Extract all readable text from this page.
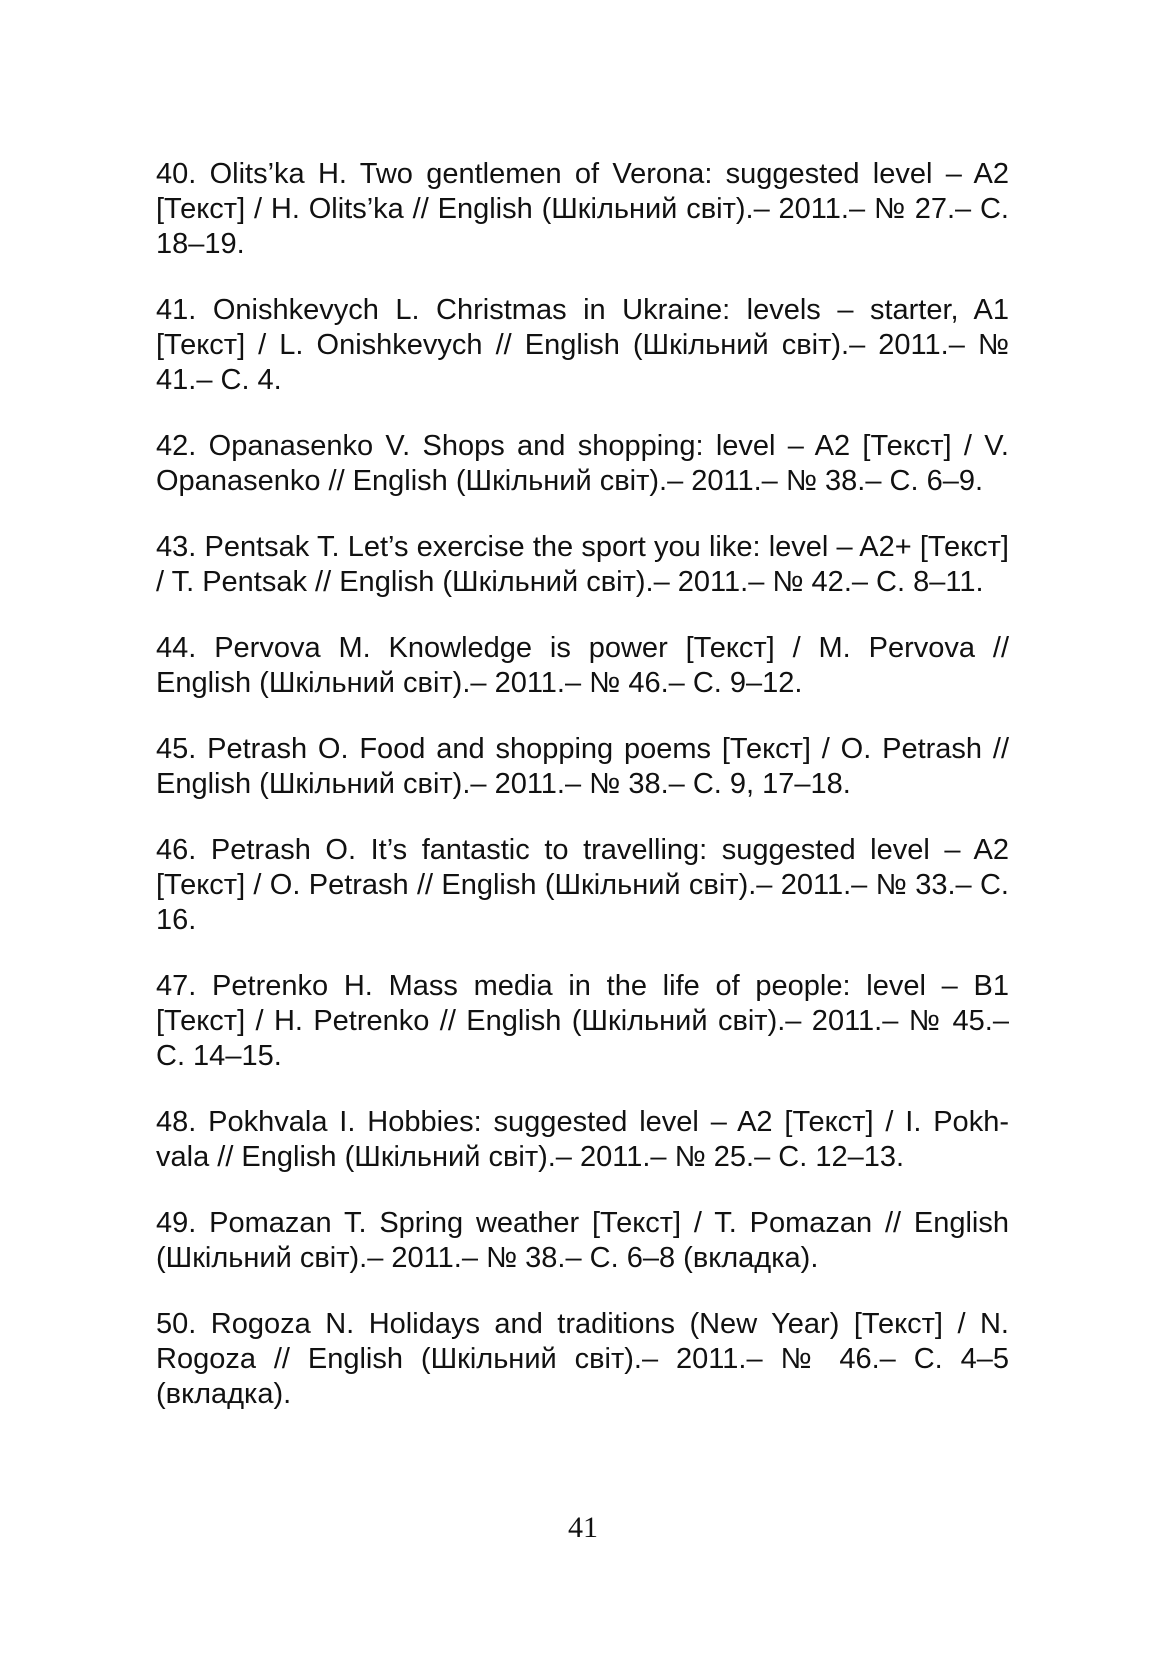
40. Olits’ka H. Two gentlemen of Verona: suggested level – A2 [Текст] / H. Olits’ka // English (Шкільний світ).– 2011.– № 27.– С. 18–19.

41. Onishkevych L. Christmas in Ukraine: levels – starter, A1 [Текст] / L. Onishkevych // English (Шкільний світ).– 2011.– № 41.– С. 4.

42. Opanasenko V. Shops and shopping: level – A2 [Текст] / V. Opanasenko // English (Шкільний світ).– 2011.– № 38.– С. 6–9.

43. Pentsak T. Let’s exercise the sport you like: level – A2+ [Текст] / T. Pentsak // English (Шкільний світ).– 2011.– № 42.– С. 8–11.

44. Pervova M. Knowledge is power [Текст] / M. Pervova // English (Шкільний світ).– 2011.– № 46.– С. 9–12.

45. Petrash O. Food and shopping poems [Текст] / O. Petrash // English (Шкільний світ).– 2011.– № 38.– С. 9, 17–18.

46. Petrash O. It’s fantastic to travelling: suggested level – A2 [Текст] / O. Petrash // English (Шкільний світ).– 2011.– № 33.– С. 16.

47. Petrenko H. Mass media in the life of people: level – B1 [Текст] / H. Petrenko // English (Шкільний світ).– 2011.– № 45.– С. 14–15.

48. Pokhvala I. Hobbies: suggested level – A2 [Текст] / I. Pokhvala // English (Шкільний світ).– 2011.– № 25.– С. 12–13.

49. Pomazan T. Spring weather [Текст] / T. Pomazan // English (Шкільний світ).– 2011.– № 38.– С. 6–8 (вкладка).

50. Rogoza N. Holidays and traditions (New Year) [Текст] / N. Rogoza // English (Шкільний світ).– 2011.– № 46.– С. 4–5 (вкладка).

41
